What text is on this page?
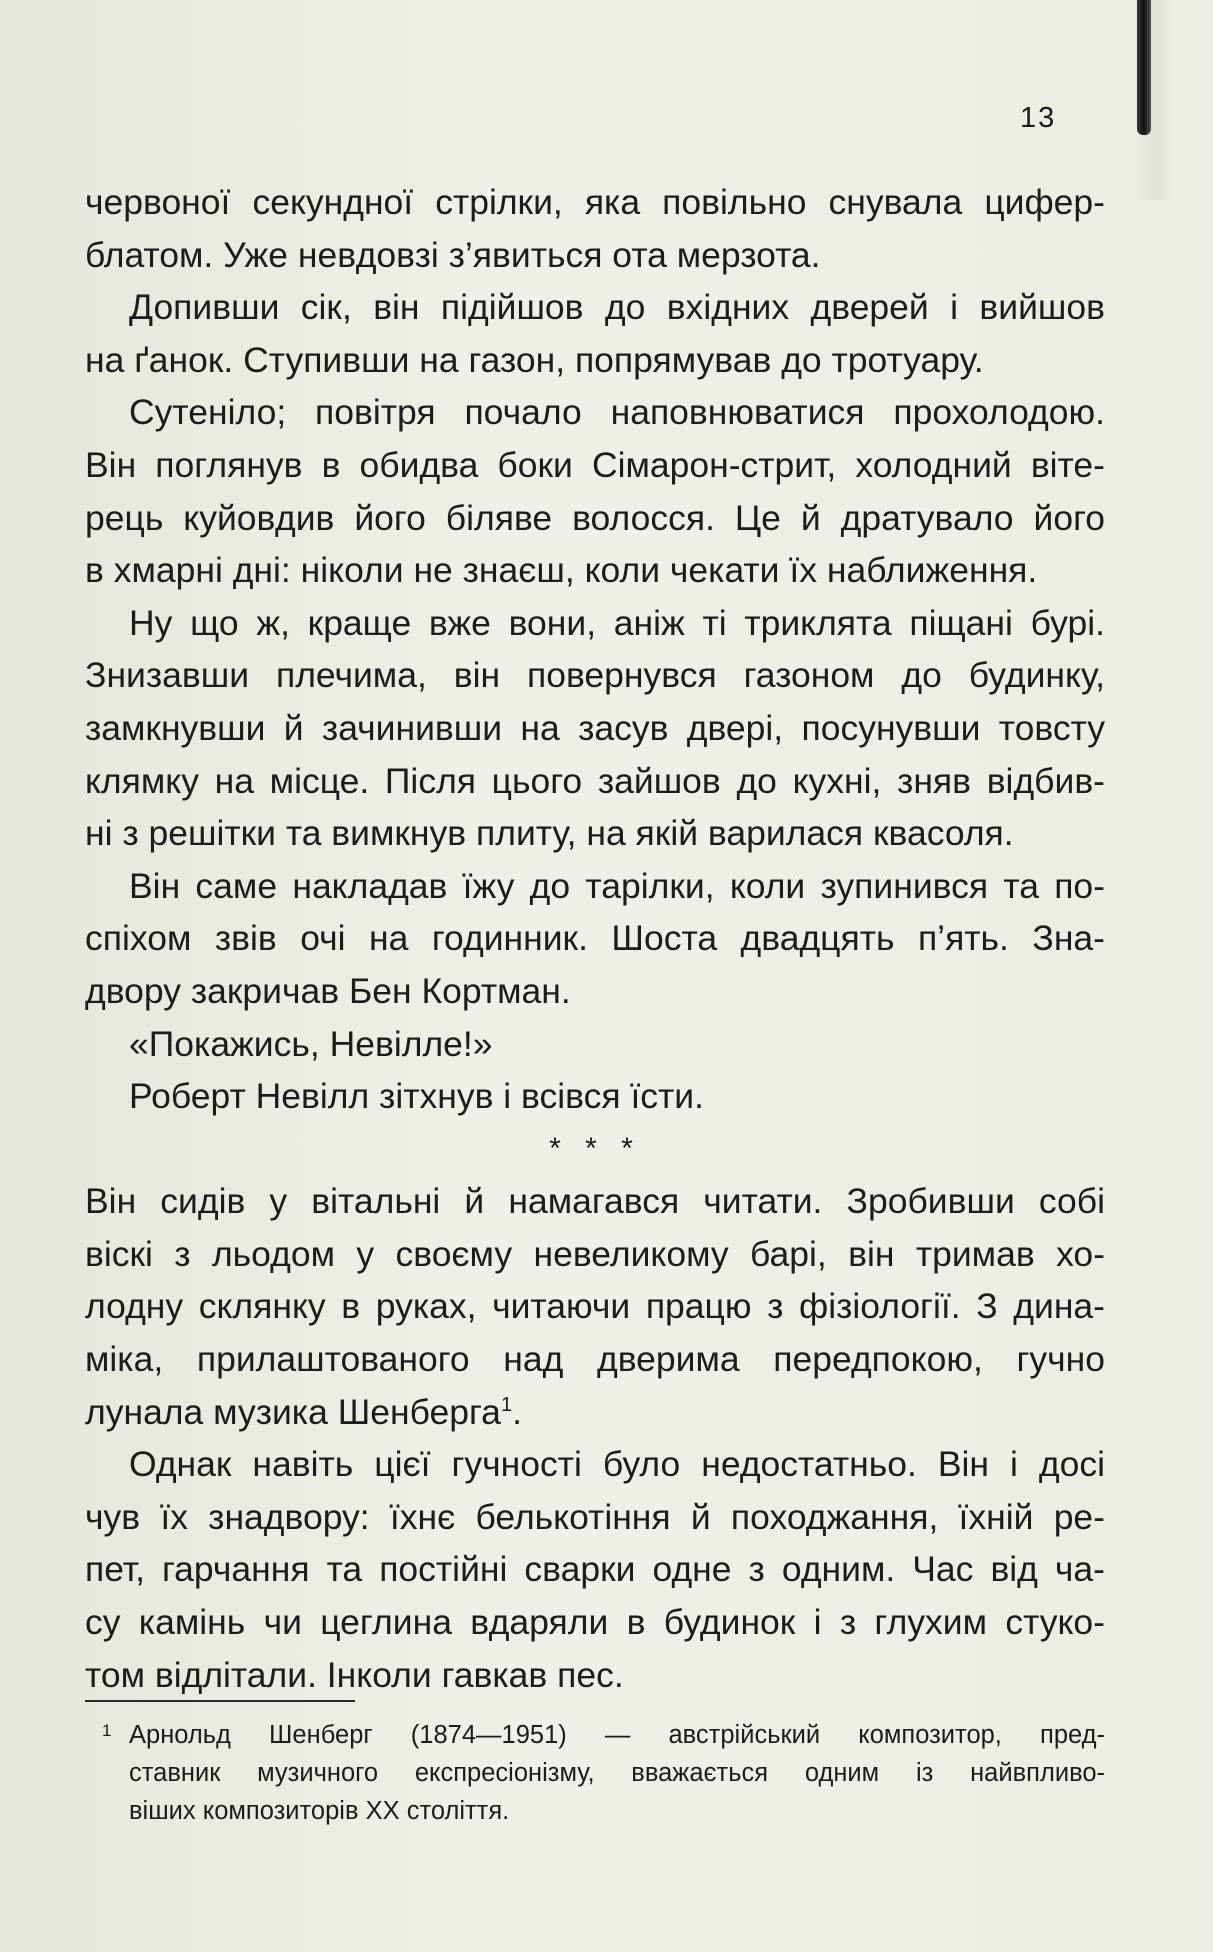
13
червоної секундної стрілки, яка повільно снувала цифер-
блатом. Уже невдовзі з’явиться ота мерзота.
Допивши сік, він підійшов до вхідних дверей і вийшов
на ґанок. Ступивши на газон, попрямував до тротуару.
Сутеніло; повітря почало наповнюватися прохолодою.
Він поглянув в обидва боки Сімарон-стрит, холодний віте-
рець куйовдив його біляве волосся. Це й дратувало його
в хмарні дні: ніколи не знаєш, коли чекати їх наближення.
Ну що ж, краще вже вони, аніж ті триклята піщані бурі.
Знизавши плечима, він повернувся газоном до будинку,
замкнувши й зачинивши на засув двері, посунувши товсту
клямку на місце. Після цього зайшов до кухні, зняв відбив-
ні з решітки та вимкнув плиту, на якій варилася квасоля.
Він саме накладав їжу до тарілки, коли зупинився та по-
спіхом звів очі на годинник. Шоста двадцять п’ять. Зна-
двору закричав Бен Кортман.
«Покажись, Невілле!»
Роберт Невілл зітхнув і всівся їсти.
* * *
Він сидів у вітальні й намагався читати. Зробивши собі
віскі з льодом у своєму невеликому барі, він тримав хо-
лодну склянку в руках, читаючи працю з фізіології. З дина-
міка, прилаштованого над дверима передпокою, гучно
лунала музика Шенберга$^1$.
Однак навіть цієї гучності було недостатньо. Він і досі
чув їх знадвору: їхнє белькотіння й походжання, їхній ре-
пет, гарчання та постійні сварки одне з одним. Час від ча-
су камінь чи цеглина вдаряли в будинок і з глухим стуко-
том відлітали. Інколи гавкав пес.
1 Арнольд Шенберг (1874—1951) — австрійський композитор, пред-
ставник музичного експресіонізму, вважається одним із найвпливо-
віших композиторів XX століття.
